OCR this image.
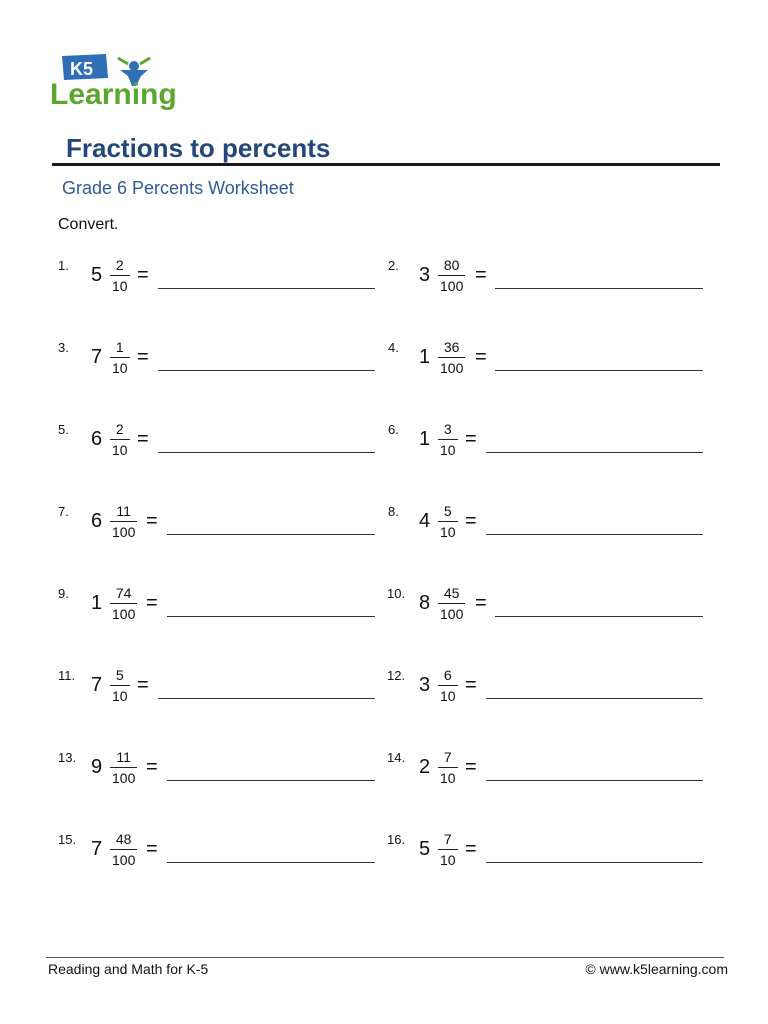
K5
Learning
Fractions to percents
Grade 6 Percents Worksheet
Convert.
1. 5 2
10 =	2. 3 80
100 =
3. 7 1
10 =	4. 1 36
100 =
5. 6 2
10 =	6. 1 3
10 =
7. 6 11
100 =	8. 4 5
10 =
9. 1 74
100 =	10. 8 45
100 =
11. 7 5
10 =	12. 3 6
10 =
13. 9 11
100 =	14. 2 7
10 =
15. 7 48
100 =	16. 5 7
10 =
Reading and Math for K-5	© www.k5learning.com
